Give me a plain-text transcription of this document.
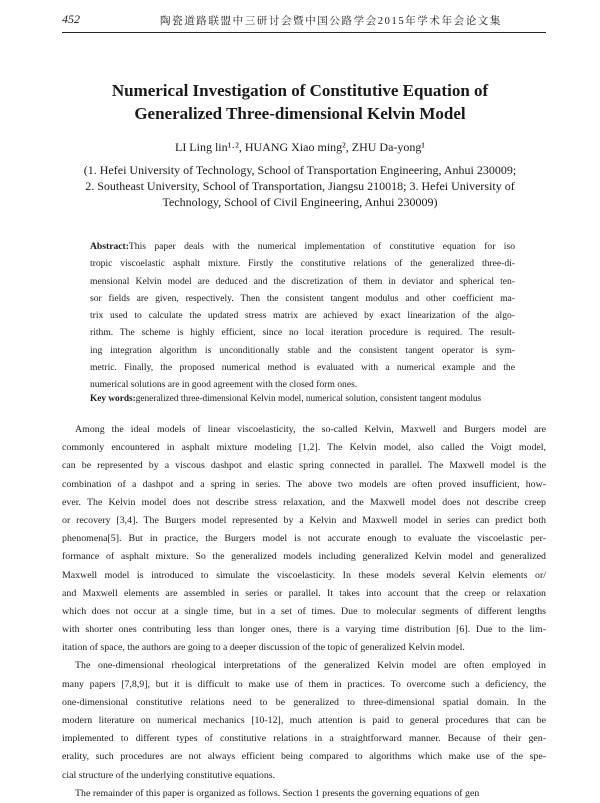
452	陶瓷道路联盟中三研讨会暨中国公路学会2015年学术年会论文集
Numerical Investigation of Constitutive Equation of
Generalized Three-dimensional Kelvin Model
LI Ling lin¹·², HUANG Xiao ming², ZHU Da-yong¹
(1. Hefei University of Technology, School of Transportation Engineering, Anhui 230009;
2. Southeast University, School of Transportation, Jiangsu 210018; 3. Hefei University of
Technology, School of Civil Engineering, Anhui 230009)
Abstract:This paper deals with the numerical implementation of constitutive equation for iso
tropic viscoelastic asphalt mixture. Firstly the constitutive relations of the generalized three-di-
mensional Kelvin model are deduced and the discretization of them in deviator and spherical ten-
sor fields are given, respectively. Then the consistent tangent modulus and other coefficient ma-
trix used to calculate the updated stress matrix are achieved by exact linearization of the algo-
rithm. The scheme is highly efficient, since no local iteration procedure is required. The result-
ing integration algorithm is unconditionally stable and the consistent tangent operator is sym-
metric. Finally, the proposed numerical method is evaluated with a numerical example and the
numerical solutions are in good agreement with the closed form ones.
Key words:generalized three-dimensional Kelvin model, numerical solution, consistent tangent modulus
Among the ideal models of linear viscoelasticity, the so-called Kelvin, Maxwell and Burgers model are
commonly encountered in asphalt mixture modeling [1,2]. The Kelvin model, also called the Voigt model,
can be represented by a viscous dashpot and elastic spring connected in parallel. The Maxwell model is the
combination of a dashpot and a spring in series. The above two models are often proved insufficient, how-
ever. The Kelvin model does not describe stress relaxation, and the Maxwell model does not describe creep
or recovery [3,4]. The Burgers model represented by a Kelvin and Maxwell model in series can predict both
phenomena[5]. But in practice, the Burgers model is not accurate enough to evaluate the viscoelastic per-
formance of asphalt mixture. So the generalized models including generalized Kelvin model and generalized
Maxwell model is introduced to simulate the viscoelasticity. In these models several Kelvin elements or/
and Maxwell elements are assembled in series or parallel. It takes into account that the creep or relaxation
which does not occur at a single time, but in a set of times. Due to molecular segments of different lengths
with shorter ones contributing less than longer ones, there is a varying time distribution [6]. Due to the lim-
itation of space, the authors are going to a deeper discussion of the topic of generalized Kelvin model.
The one-dimensional rheological interpretations of the generalized Kelvin model are often employed in
many papers [7,8,9], but it is difficult to make use of them in practices. To overcome such a deficiency, the
one-dimensional constitutive relations need to be generalized to three-dimensional spatial domain. In the
modern literature on numerical mechanics [10-12], much attention is paid to general procedures that can be
implemented to different types of constitutive relations in a straightforward manner. Because of their gen-
erality, such procedures are not always efficient being compared to algorithms which make use of the spe-
cial structure of the underlying constitutive equations.
The remainder of this paper is organized as follows. Section 1 presents the governing equations of gen
